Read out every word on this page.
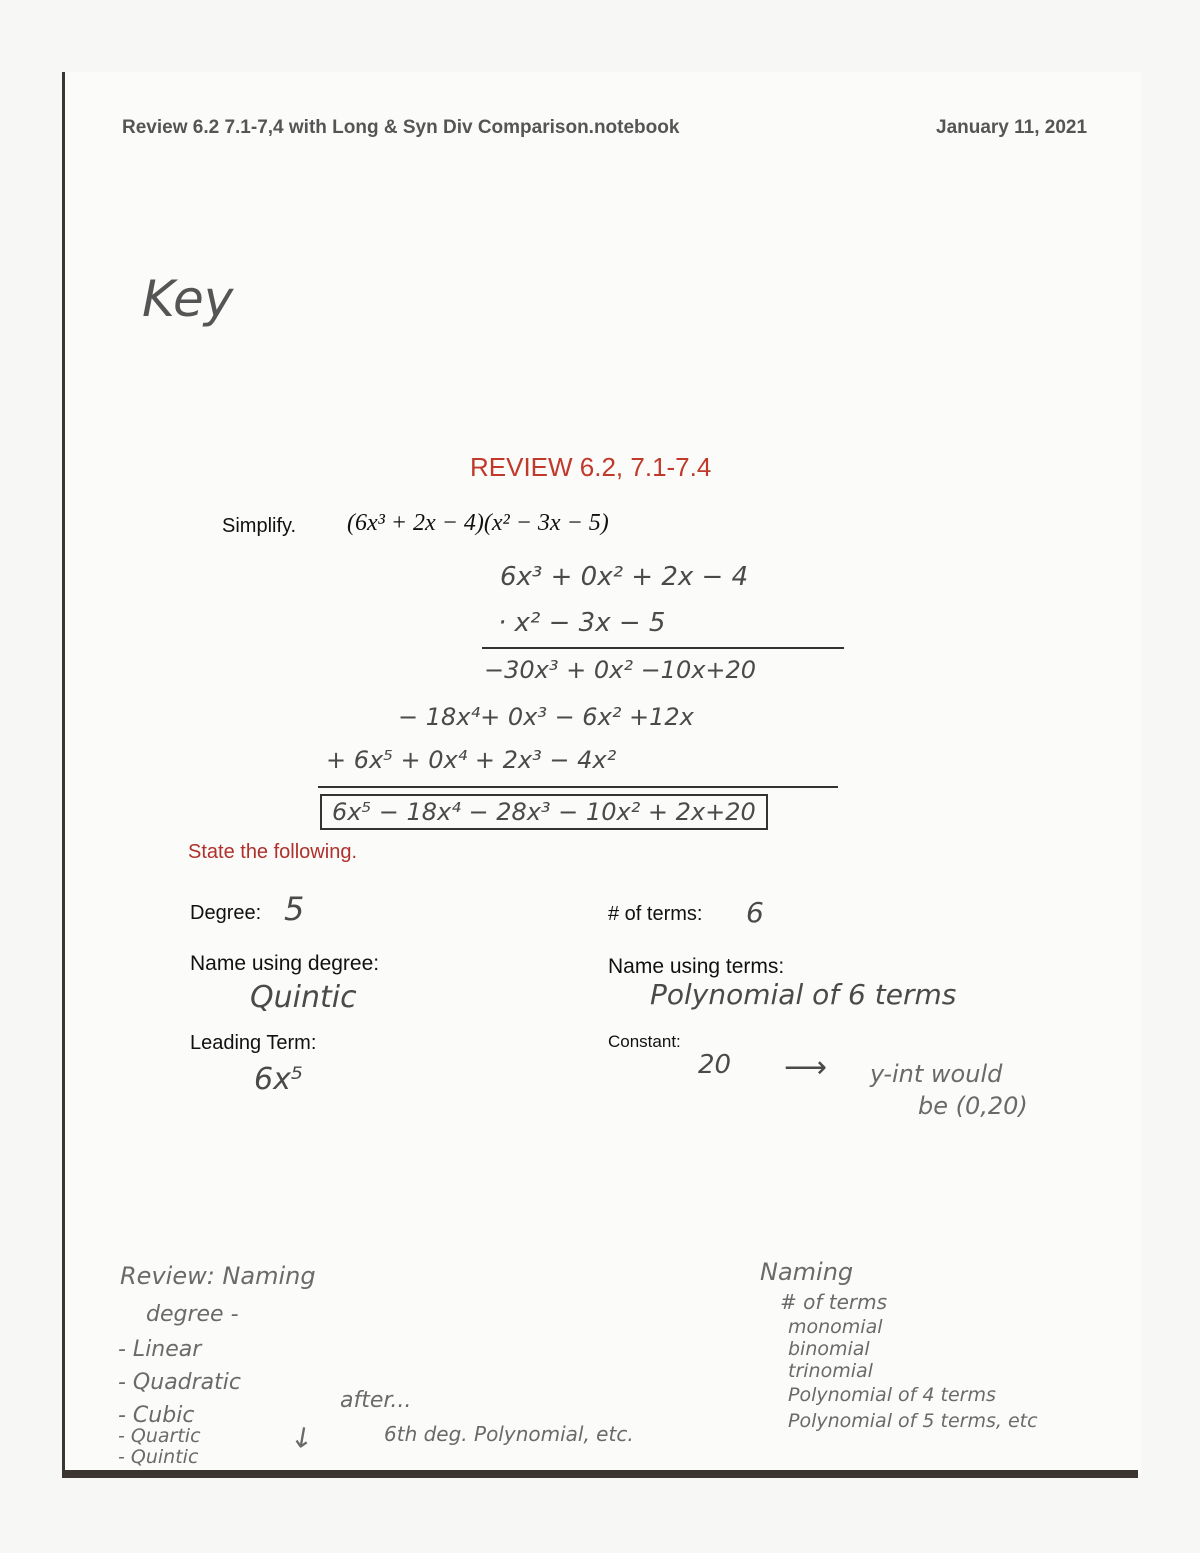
Review 6.2 7.1-7,4 with Long & Syn Div Comparison.notebook	January 11, 2021
Key
REVIEW 6.2, 7.1-7.4
Simplify. (6x³ + 2x − 4)(x² − 3x − 5)
6x³ + 0x² + 2x − 4
· x² − 3x − 5
−30x³ + 0x² −10x+20
− 18x⁴+ 0x³ − 6x² +12x
+ 6x⁵ + 0x⁴ + 2x³ − 4x²
6x⁵ − 18x⁴ − 28x³ − 10x² + 2x+20
State the following.
Degree: 5	# of terms: 6
Name using degree:
Quintic
Name using terms:
Polynomial of 6 terms
Leading Term:
6x⁵
Constant:
20 ⟶ y-int would
be (0,20)
Review: Naming
degree -
- Linear
- Quadratic
- Cubic
- Quartic
- Quintic
↙
after...
6th deg. Polynomial, etc.
Naming
# of terms
monomial
binomial
trinomial
Polynomial of 4 terms
Polynomial of 5 terms, etc
